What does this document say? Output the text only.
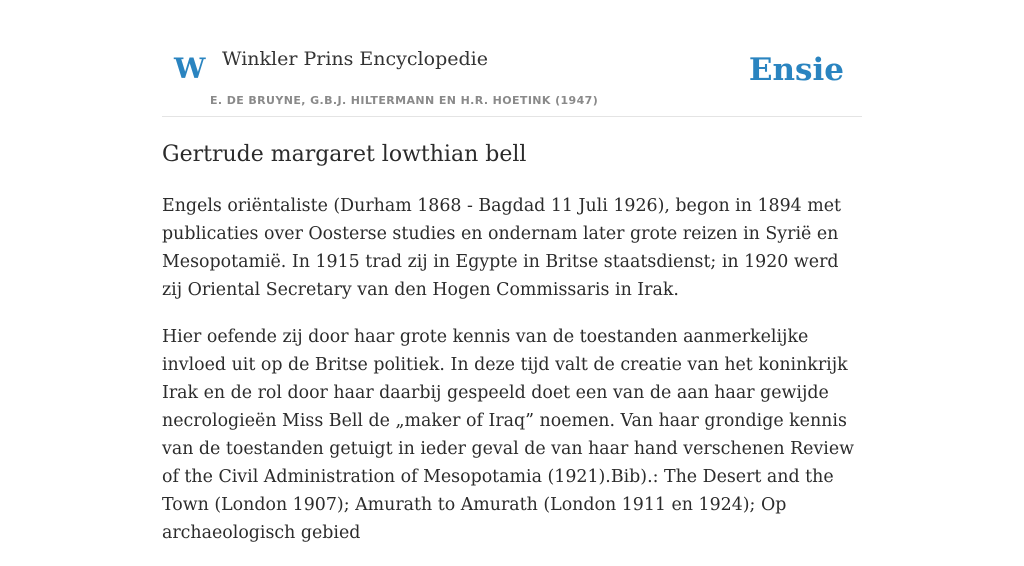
W Winkler Prins Encyclopedie
E. DE BRUYNE, G.B.J. HILTERMANN EN H.R. HOETINK (1947)
Ensie
Gertrude margaret lowthian bell

Engels oriëntaliste (Durham 1868 - Bagdad 11 Juli 1926), begon in 1894 met publicaties over Oosterse studies en ondernam later grote reizen in Syrië en Mesopotamië. In 1915 trad zij in Egypte in Britse staatsdienst; in 1920 werd zij Oriental Secretary van den Hogen Commissaris in Irak.

Hier oefende zij door haar grote kennis van de toestanden aanmerkelijke invloed uit op de Britse politiek. In deze tijd valt de creatie van het koninkrijk Irak en de rol door haar daarbij gespeeld doet een van de aan haar gewijde necrologieën Miss Bell de „maker of Iraq” noemen. Van haar grondige kennis van de toestanden getuigt in ieder geval de van haar hand verschenen Review of the Civil Administration of Mesopotamia (1921).Bib).: The Desert and the Town (London 1907); Amurath to Amurath (London 1911 en 1924); Op archaeologisch gebied
